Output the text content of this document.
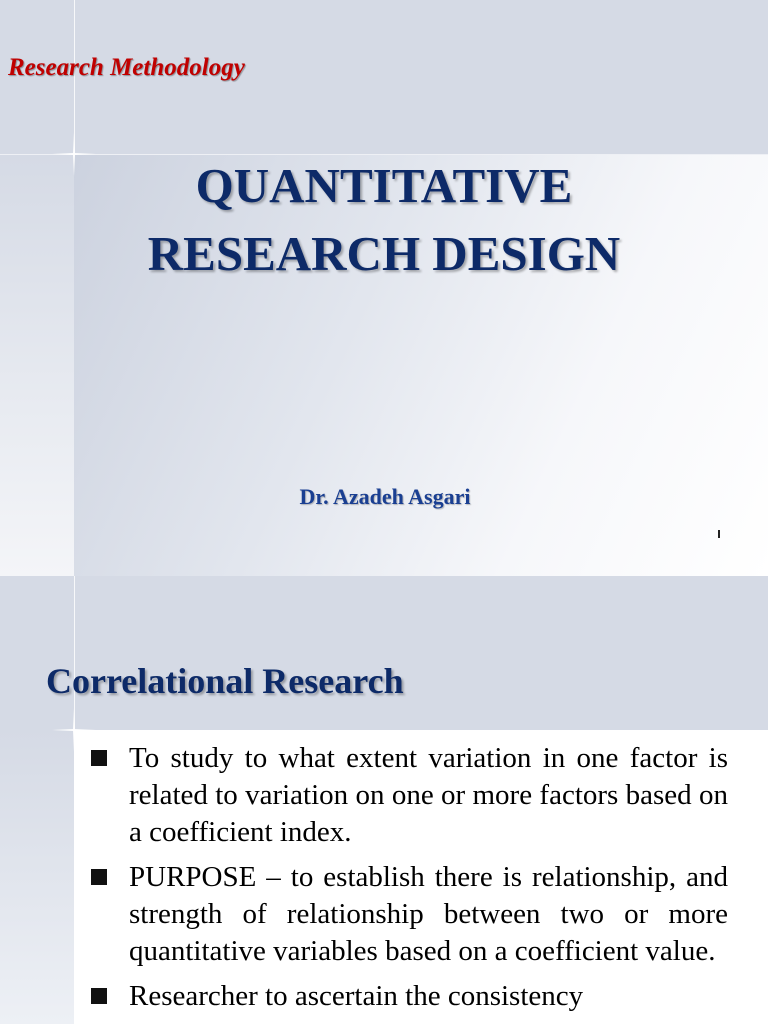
Research Methodology
QUANTITATIVE
RESEARCH DESIGN
Dr. Azadeh Asgari
Correlational Research
To study to what extent variation in one factor is related to variation on one or more factors based on a coefficient index.
PURPOSE – to establish there is relationship, and strength of relationship between two or more quantitative variables based on a coefficient value.
Researcher to ascertain the consistency
